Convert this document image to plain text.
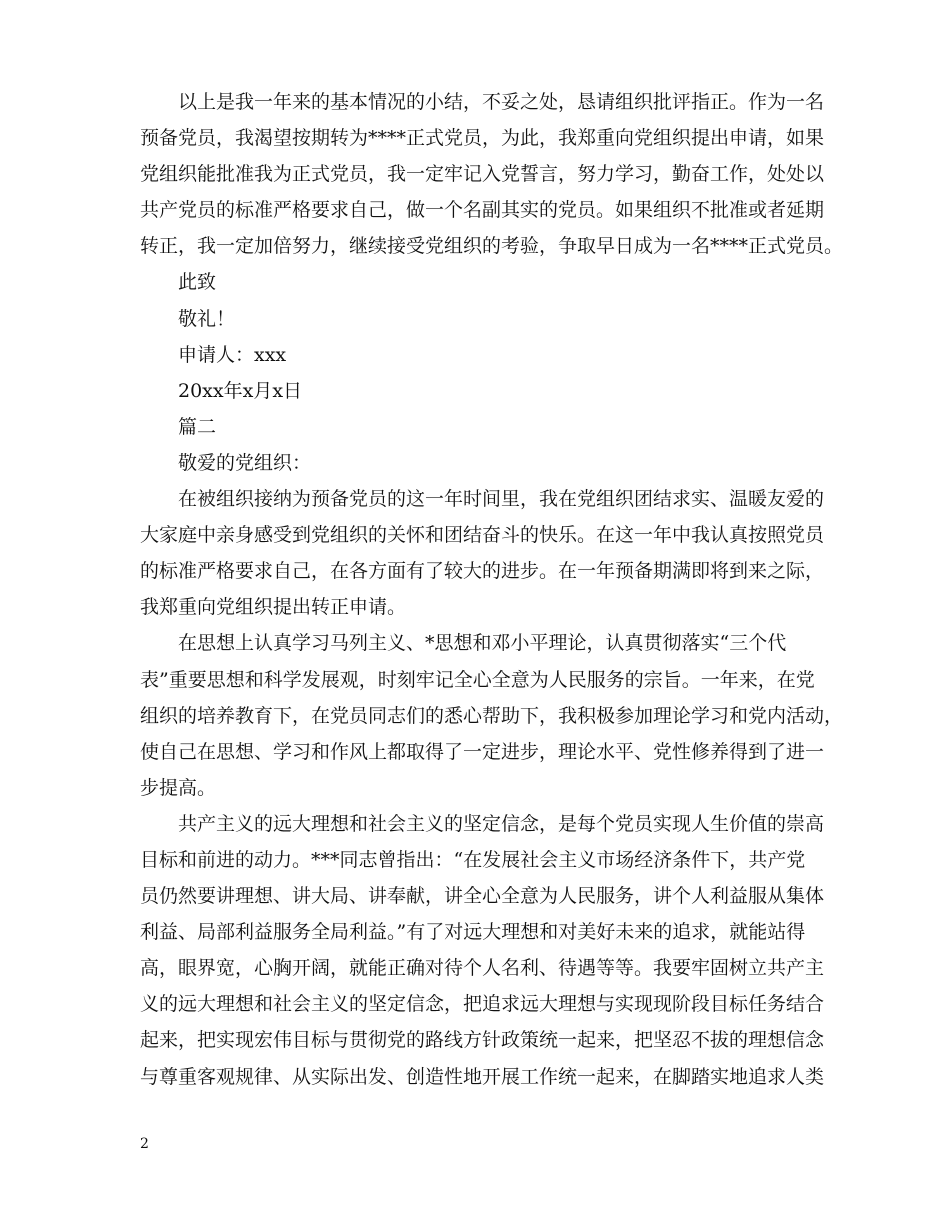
以上是我一年来的基本情况的小结，不妥之处，恳请组织批评指正。作为一名
预备党员，我渴望按期转为****正式党员，为此，我郑重向党组织提出申请，如果
党组织能批准我为正式党员，我一定牢记入党誓言，努力学习，勤奋工作，处处以
共产党员的标准严格要求自己，做一个名副其实的党员。如果组织不批准或者延期
转正，我一定加倍努力，继续接受党组织的考验，争取早日成为一名****正式党员。
此致
敬礼！
申请人：xxx
20xx年x月x日
篇二
敬爱的党组织：
在被组织接纳为预备党员的这一年时间里，我在党组织团结求实、温暖友爱的
大家庭中亲身感受到党组织的关怀和团结奋斗的快乐。在这一年中我认真按照党员
的标准严格要求自己，在各方面有了较大的进步。在一年预备期满即将到来之际，
我郑重向党组织提出转正申请。
在思想上认真学习马列主义、*思想和邓小平理论，认真贯彻落实“三个代
表”重要思想和科学发展观，时刻牢记全心全意为人民服务的宗旨。一年来，在党
组织的培养教育下，在党员同志们的悉心帮助下，我积极参加理论学习和党内活动，
使自己在思想、学习和作风上都取得了一定进步，理论水平、党性修养得到了进一
步提高。
共产主义的远大理想和社会主义的坚定信念，是每个党员实现人生价值的崇高
目标和前进的动力。***同志曾指出：“在发展社会主义市场经济条件下，共产党
员仍然要讲理想、讲大局、讲奉献，讲全心全意为人民服务，讲个人利益服从集体
利益、局部利益服务全局利益。”有了对远大理想和对美好未来的追求，就能站得
高，眼界宽，心胸开阔，就能正确对待个人名利、待遇等等。我要牢固树立共产主
义的远大理想和社会主义的坚定信念，把追求远大理想与实现现阶段目标任务结合
起来，把实现宏伟目标与贯彻党的路线方针政策统一起来，把坚忍不拔的理想信念
与尊重客观规律、从实际出发、创造性地开展工作统一起来，在脚踏实地追求人类
2
